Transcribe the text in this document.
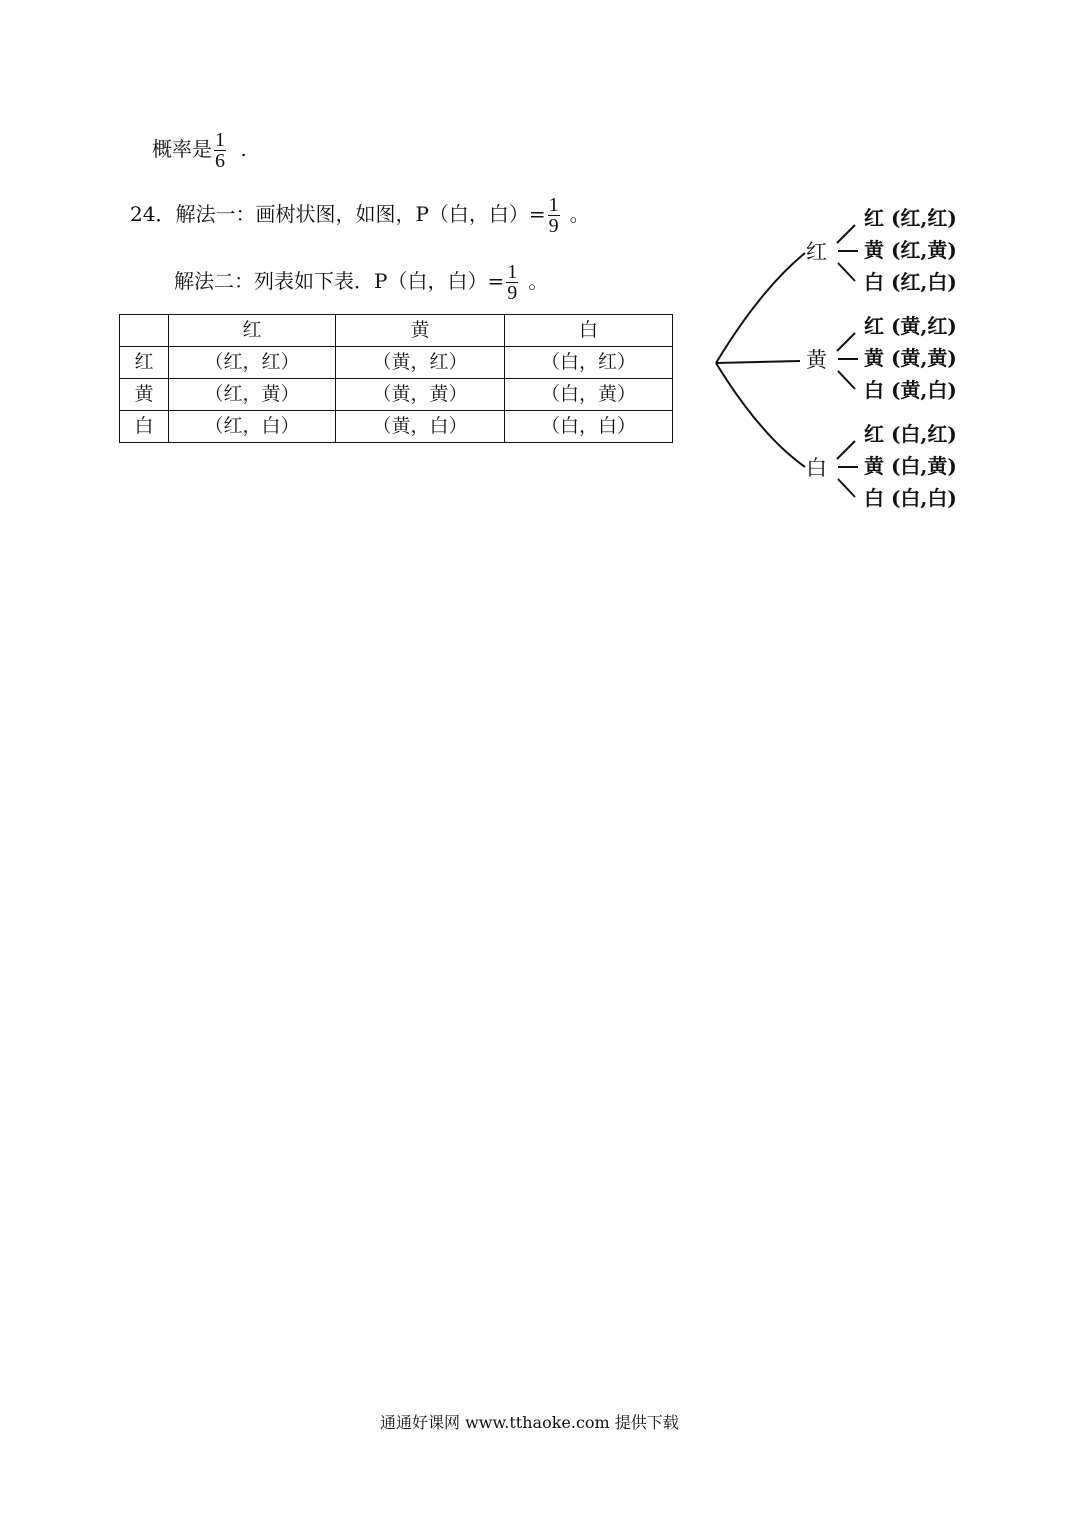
概率是 $\frac{1}{6}$ .
24．解法一：画树状图，如图，P（白，白）= $\frac{1}{9}$ 。
解法二：列表如下表．P（白，白）= $\frac{1}{9}$ 。
	红	黄	白
红	（红，红）	（黄，红）	（白，红）
黄	（红，黄）	（黄，黄）	（白，黄）
白	（红，白）	（黄，白）	（白，白）
红
黄
白
红 (红,红)
黄 (红,黄)
白 (红,白)
红 (黄,红)
黄 (黄,黄)
白 (黄,白)
红 (白,红)
黄 (白,黄)
白 (白,白)
通通好课网 www.tthaoke.com 提供下载
